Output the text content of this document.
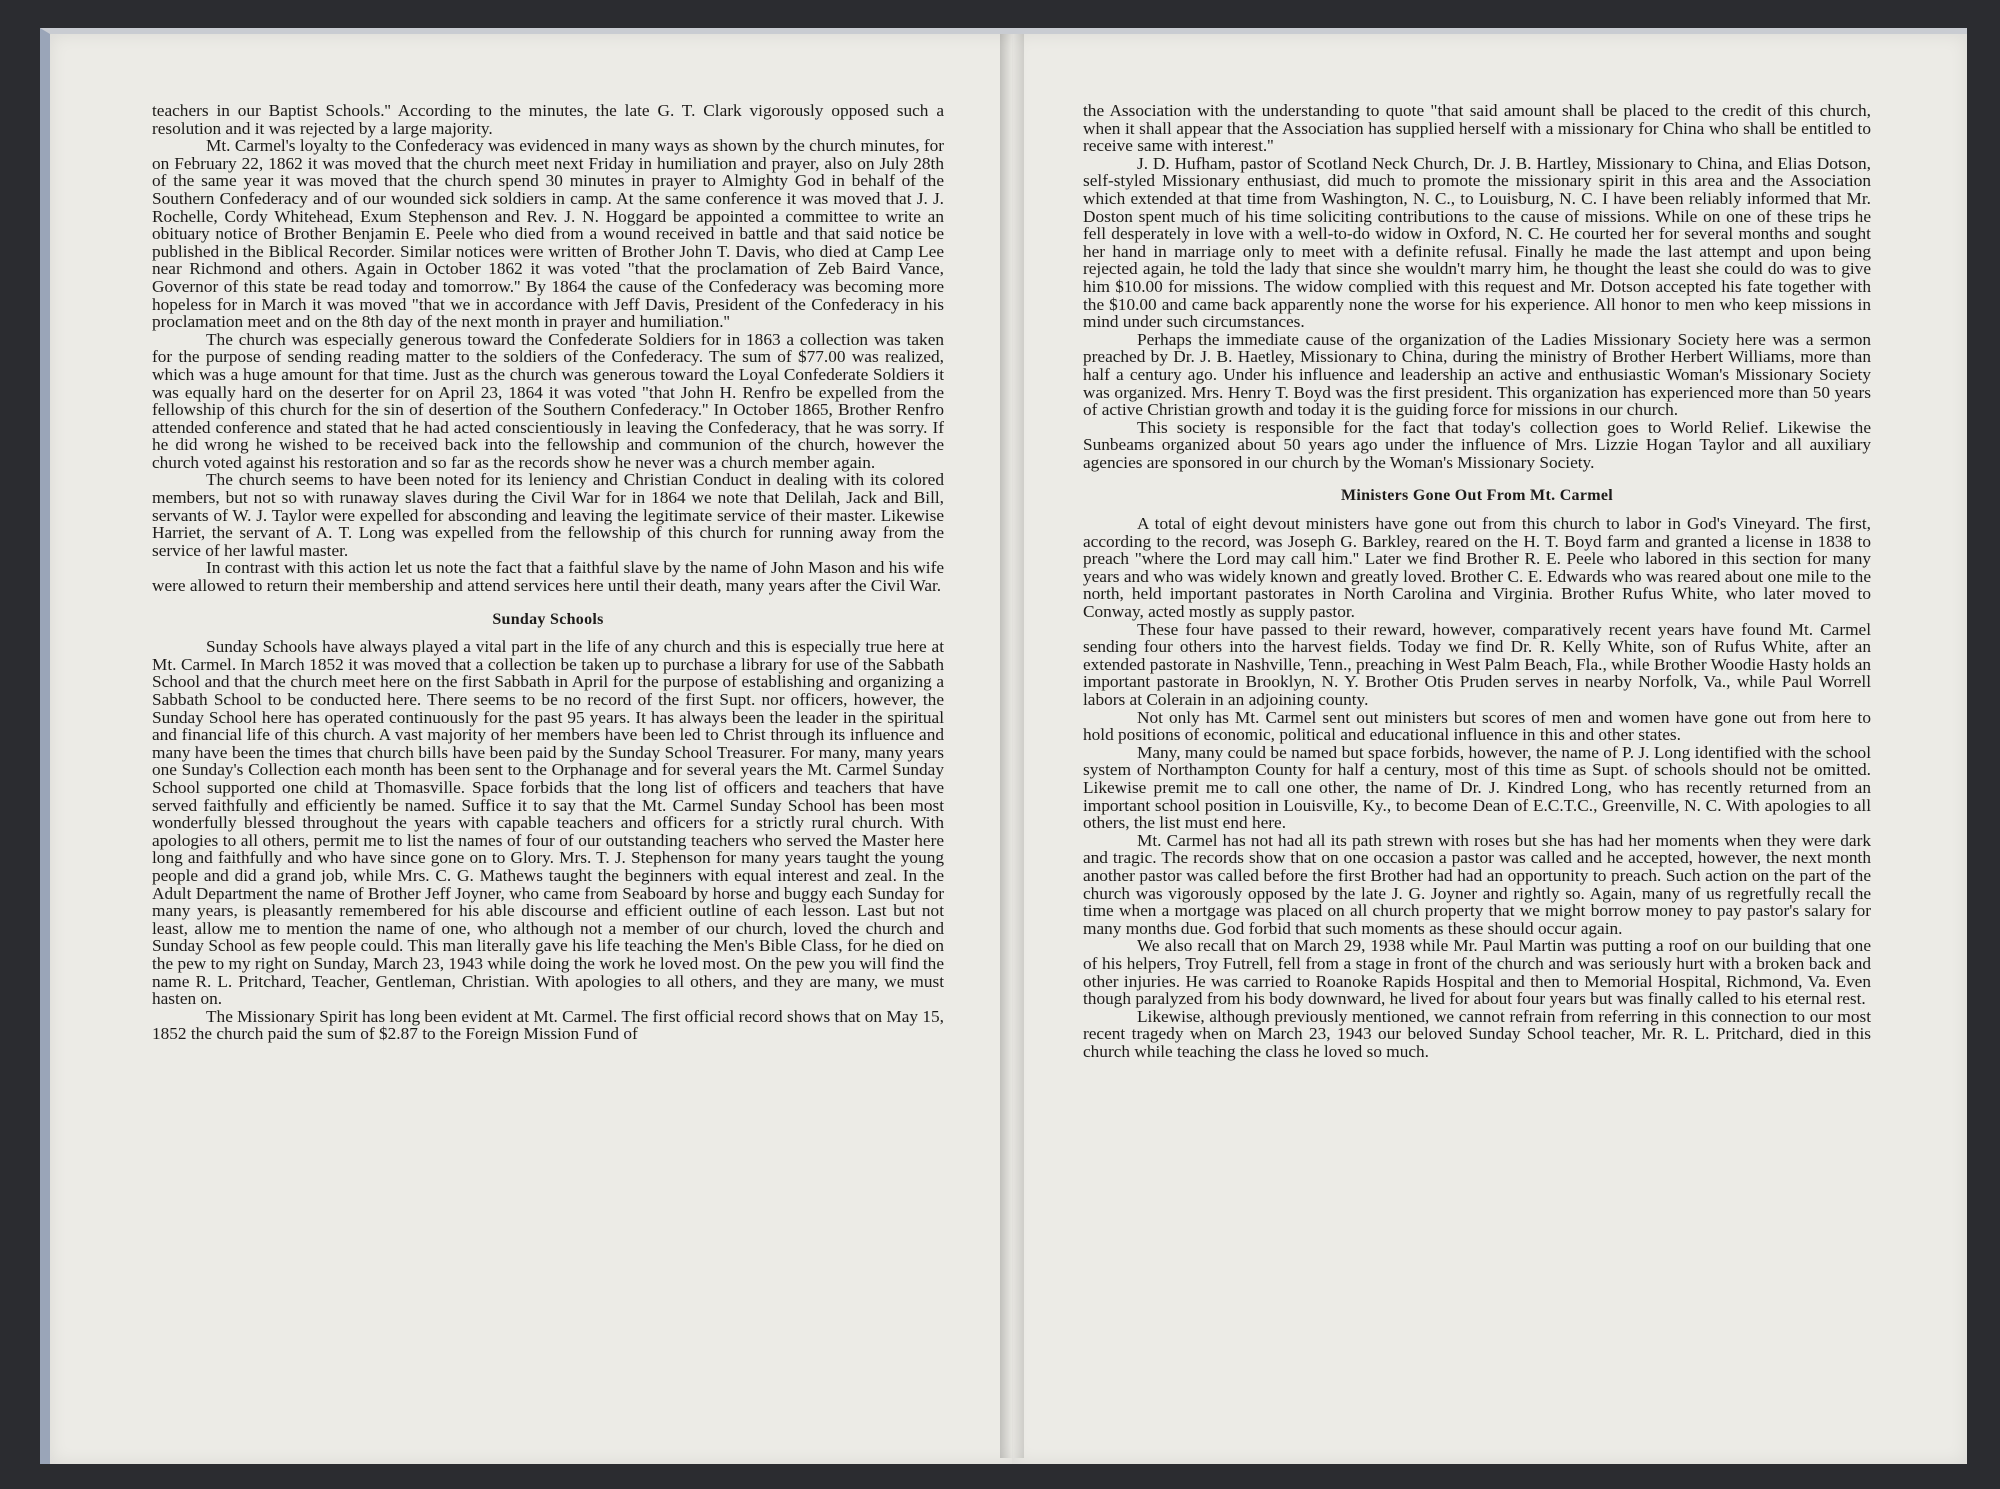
teachers in our Baptist Schools.'' According to the minutes, the late G. T. Clark vigorously opposed such a resolution and it was rejected by a large majority.

Mt. Carmel's loyalty to the Confederacy was evidenced in many ways as shown by the church minutes, for on February 22, 1862 it was moved that the church meet next Friday in humiliation and prayer, also on July 28th of the same year it was moved that the church spend 30 minutes in prayer to Almighty God in behalf of the Southern Confederacy and of our wounded sick soldiers in camp. At the same conference it was moved that J. J. Rochelle, Cordy Whitehead, Exum Stephenson and Rev. J. N. Hoggard be appointed a committee to write an obituary notice of Brother Benjamin E. Peele who died from a wound received in battle and that said notice be published in the Biblical Recorder. Similar notices were written of Brother John T. Davis, who died at Camp Lee near Richmond and others. Again in October 1862 it was voted "that the proclamation of Zeb Baird Vance, Governor of this state be read today and tomorrow.'' By 1864 the cause of the Confederacy was becoming more hopeless for in March it was moved "that we in accordance with Jeff Davis, President of the Confederacy in his proclamation meet and on the 8th day of the next month in prayer and humiliation.''

The church was especially generous toward the Confederate Soldiers for in 1863 a collection was taken for the purpose of sending reading matter to the soldiers of the Confederacy. The sum of $77.00 was realized, which was a huge amount for that time. Just as the church was generous toward the Loyal Confederate Soldiers it was equally hard on the deserter for on April 23, 1864 it was voted "that John H. Renfro be expelled from the fellowship of this church for the sin of desertion of the Southern Confederacy.'' In October 1865, Brother Renfro attended conference and stated that he had acted conscientiously in leaving the Confederacy, that he was sorry. If he did wrong he wished to be received back into the fellowship and communion of the church, however the church voted against his restoration and so far as the records show he never was a church member again.

The church seems to have been noted for its leniency and Christian Conduct in dealing with its colored members, but not so with runaway slaves during the Civil War for in 1864 we note that Delilah, Jack and Bill, servants of W. J. Taylor were expelled for absconding and leaving the legitimate service of their master. Likewise Harriet, the servant of A. T. Long was expelled from the fellowship of this church for running away from the service of her lawful master.

In contrast with this action let us note the fact that a faithful slave by the name of John Mason and his wife were allowed to return their membership and attend services here until their death, many years after the Civil War.

Sunday Schools

Sunday Schools have always played a vital part in the life of any church and this is especially true here at Mt. Carmel. In March 1852 it was moved that a collection be taken up to purchase a library for use of the Sabbath School and that the church meet here on the first Sabbath in April for the purpose of establishing and organizing a Sabbath School to be conducted here. There seems to be no record of the first Supt. nor officers, however, the Sunday School here has operated continuously for the past 95 years. It has always been the leader in the spiritual and financial life of this church. A vast majority of her members have been led to Christ through its influence and many have been the times that church bills have been paid by the Sunday School Treasurer. For many, many years one Sunday's Collection each month has been sent to the Orphanage and for several years the Mt. Carmel Sunday School supported one child at Thomasville. Space forbids that the long list of officers and teachers that have served faithfully and efficiently be named. Suffice it to say that the Mt. Carmel Sunday School has been most wonderfully blessed throughout the years with capable teachers and officers for a strictly rural church. With apologies to all others, permit me to list the names of four of our outstanding teachers who served the Master here long and faithfully and who have since gone on to Glory. Mrs. T. J. Stephenson for many years taught the young people and did a grand job, while Mrs. C. G. Mathews taught the beginners with equal interest and zeal. In the Adult Department the name of Brother Jeff Joyner, who came from Seaboard by horse and buggy each Sunday for many years, is pleasantly remembered for his able discourse and efficient outline of each lesson. Last but not least, allow me to mention the name of one, who although not a member of our church, loved the church and Sunday School as few people could. This man literally gave his life teaching the Men's Bible Class, for he died on the pew to my right on Sunday, March 23, 1943 while doing the work he loved most. On the pew you will find the name R. L. Pritchard, Teacher, Gentleman, Christian. With apologies to all others, and they are many, we must hasten on.

The Missionary Spirit has long been evident at Mt. Carmel. The first official record shows that on May 15, 1852 the church paid the sum of $2.87 to the Foreign Mission Fund of

the Association with the understanding to quote "that said amount shall be placed to the credit of this church, when it shall appear that the Association has supplied herself with a missionary for China who shall be entitled to receive same with interest.''

J. D. Hufham, pastor of Scotland Neck Church, Dr. J. B. Hartley, Missionary to China, and Elias Dotson, self-styled Missionary enthusiast, did much to promote the missionary spirit in this area and the Association which extended at that time from Washington, N. C., to Louisburg, N. C. I have been reliably informed that Mr. Doston spent much of his time soliciting contributions to the cause of missions. While on one of these trips he fell desperately in love with a well-to-do widow in Oxford, N. C. He courted her for several months and sought her hand in marriage only to meet with a definite refusal. Finally he made the last attempt and upon being rejected again, he told the lady that since she wouldn't marry him, he thought the least she could do was to give him $10.00 for missions. The widow complied with this request and Mr. Dotson accepted his fate together with the $10.00 and came back apparently none the worse for his experience. All honor to men who keep missions in mind under such circumstances.

Perhaps the immediate cause of the organization of the Ladies Missionary Society here was a sermon preached by Dr. J. B. Haetley, Missionary to China, during the ministry of Brother Herbert Williams, more than half a century ago. Under his influence and leadership an active and enthusiastic Woman's Missionary Society was organized. Mrs. Henry T. Boyd was the first president. This organization has experienced more than 50 years of active Christian growth and today it is the guiding force for missions in our church.

This society is responsible for the fact that today's collection goes to World Relief. Likewise the Sunbeams organized about 50 years ago under the influence of Mrs. Lizzie Hogan Taylor and all auxiliary agencies are sponsored in our church by the Woman's Missionary Society.

Ministers Gone Out From Mt. Carmel

A total of eight devout ministers have gone out from this church to labor in God's Vineyard. The first, according to the record, was Joseph G. Barkley, reared on the H. T. Boyd farm and granted a license in 1838 to preach "where the Lord may call him.'' Later we find Brother R. E. Peele who labored in this section for many years and who was widely known and greatly loved. Brother C. E. Edwards who was reared about one mile to the north, held important pastorates in North Carolina and Virginia. Brother Rufus White, who later moved to Conway, acted mostly as supply pastor.

These four have passed to their reward, however, comparatively recent years have found Mt. Carmel sending four others into the harvest fields. Today we find Dr. R. Kelly White, son of Rufus White, after an extended pastorate in Nashville, Tenn., preaching in West Palm Beach, Fla., while Brother Woodie Hasty holds an important pastorate in Brooklyn, N. Y. Brother Otis Pruden serves in nearby Norfolk, Va., while Paul Worrell labors at Colerain in an adjoining county.

Not only has Mt. Carmel sent out ministers but scores of men and women have gone out from here to hold positions of economic, political and educational influence in this and other states.

Many, many could be named but space forbids, however, the name of P. J. Long identified with the school system of Northampton County for half a century, most of this time as Supt. of schools should not be omitted. Likewise premit me to call one other, the name of Dr. J. Kindred Long, who has recently returned from an important school position in Louisville, Ky., to become Dean of E.C.T.C., Greenville, N. C. With apologies to all others, the list must end here.

Mt. Carmel has not had all its path strewn with roses but she has had her moments when they were dark and tragic. The records show that on one occasion a pastor was called and he accepted, however, the next month another pastor was called before the first Brother had had an opportunity to preach. Such action on the part of the church was vigorously opposed by the late J. G. Joyner and rightly so. Again, many of us regretfully recall the time when a mortgage was placed on all church property that we might borrow money to pay pastor's salary for many months due. God forbid that such moments as these should occur again.

We also recall that on March 29, 1938 while Mr. Paul Martin was putting a roof on our building that one of his helpers, Troy Futrell, fell from a stage in front of the church and was seriously hurt with a broken back and other injuries. He was carried to Roanoke Rapids Hospital and then to Memorial Hospital, Richmond, Va. Even though paralyzed from his body downward, he lived for about four years but was finally called to his eternal rest.

Likewise, although previously mentioned, we cannot refrain from referring in this connection to our most recent tragedy when on March 23, 1943 our beloved Sunday School teacher, Mr. R. L. Pritchard, died in this church while teaching the class he loved so much.
